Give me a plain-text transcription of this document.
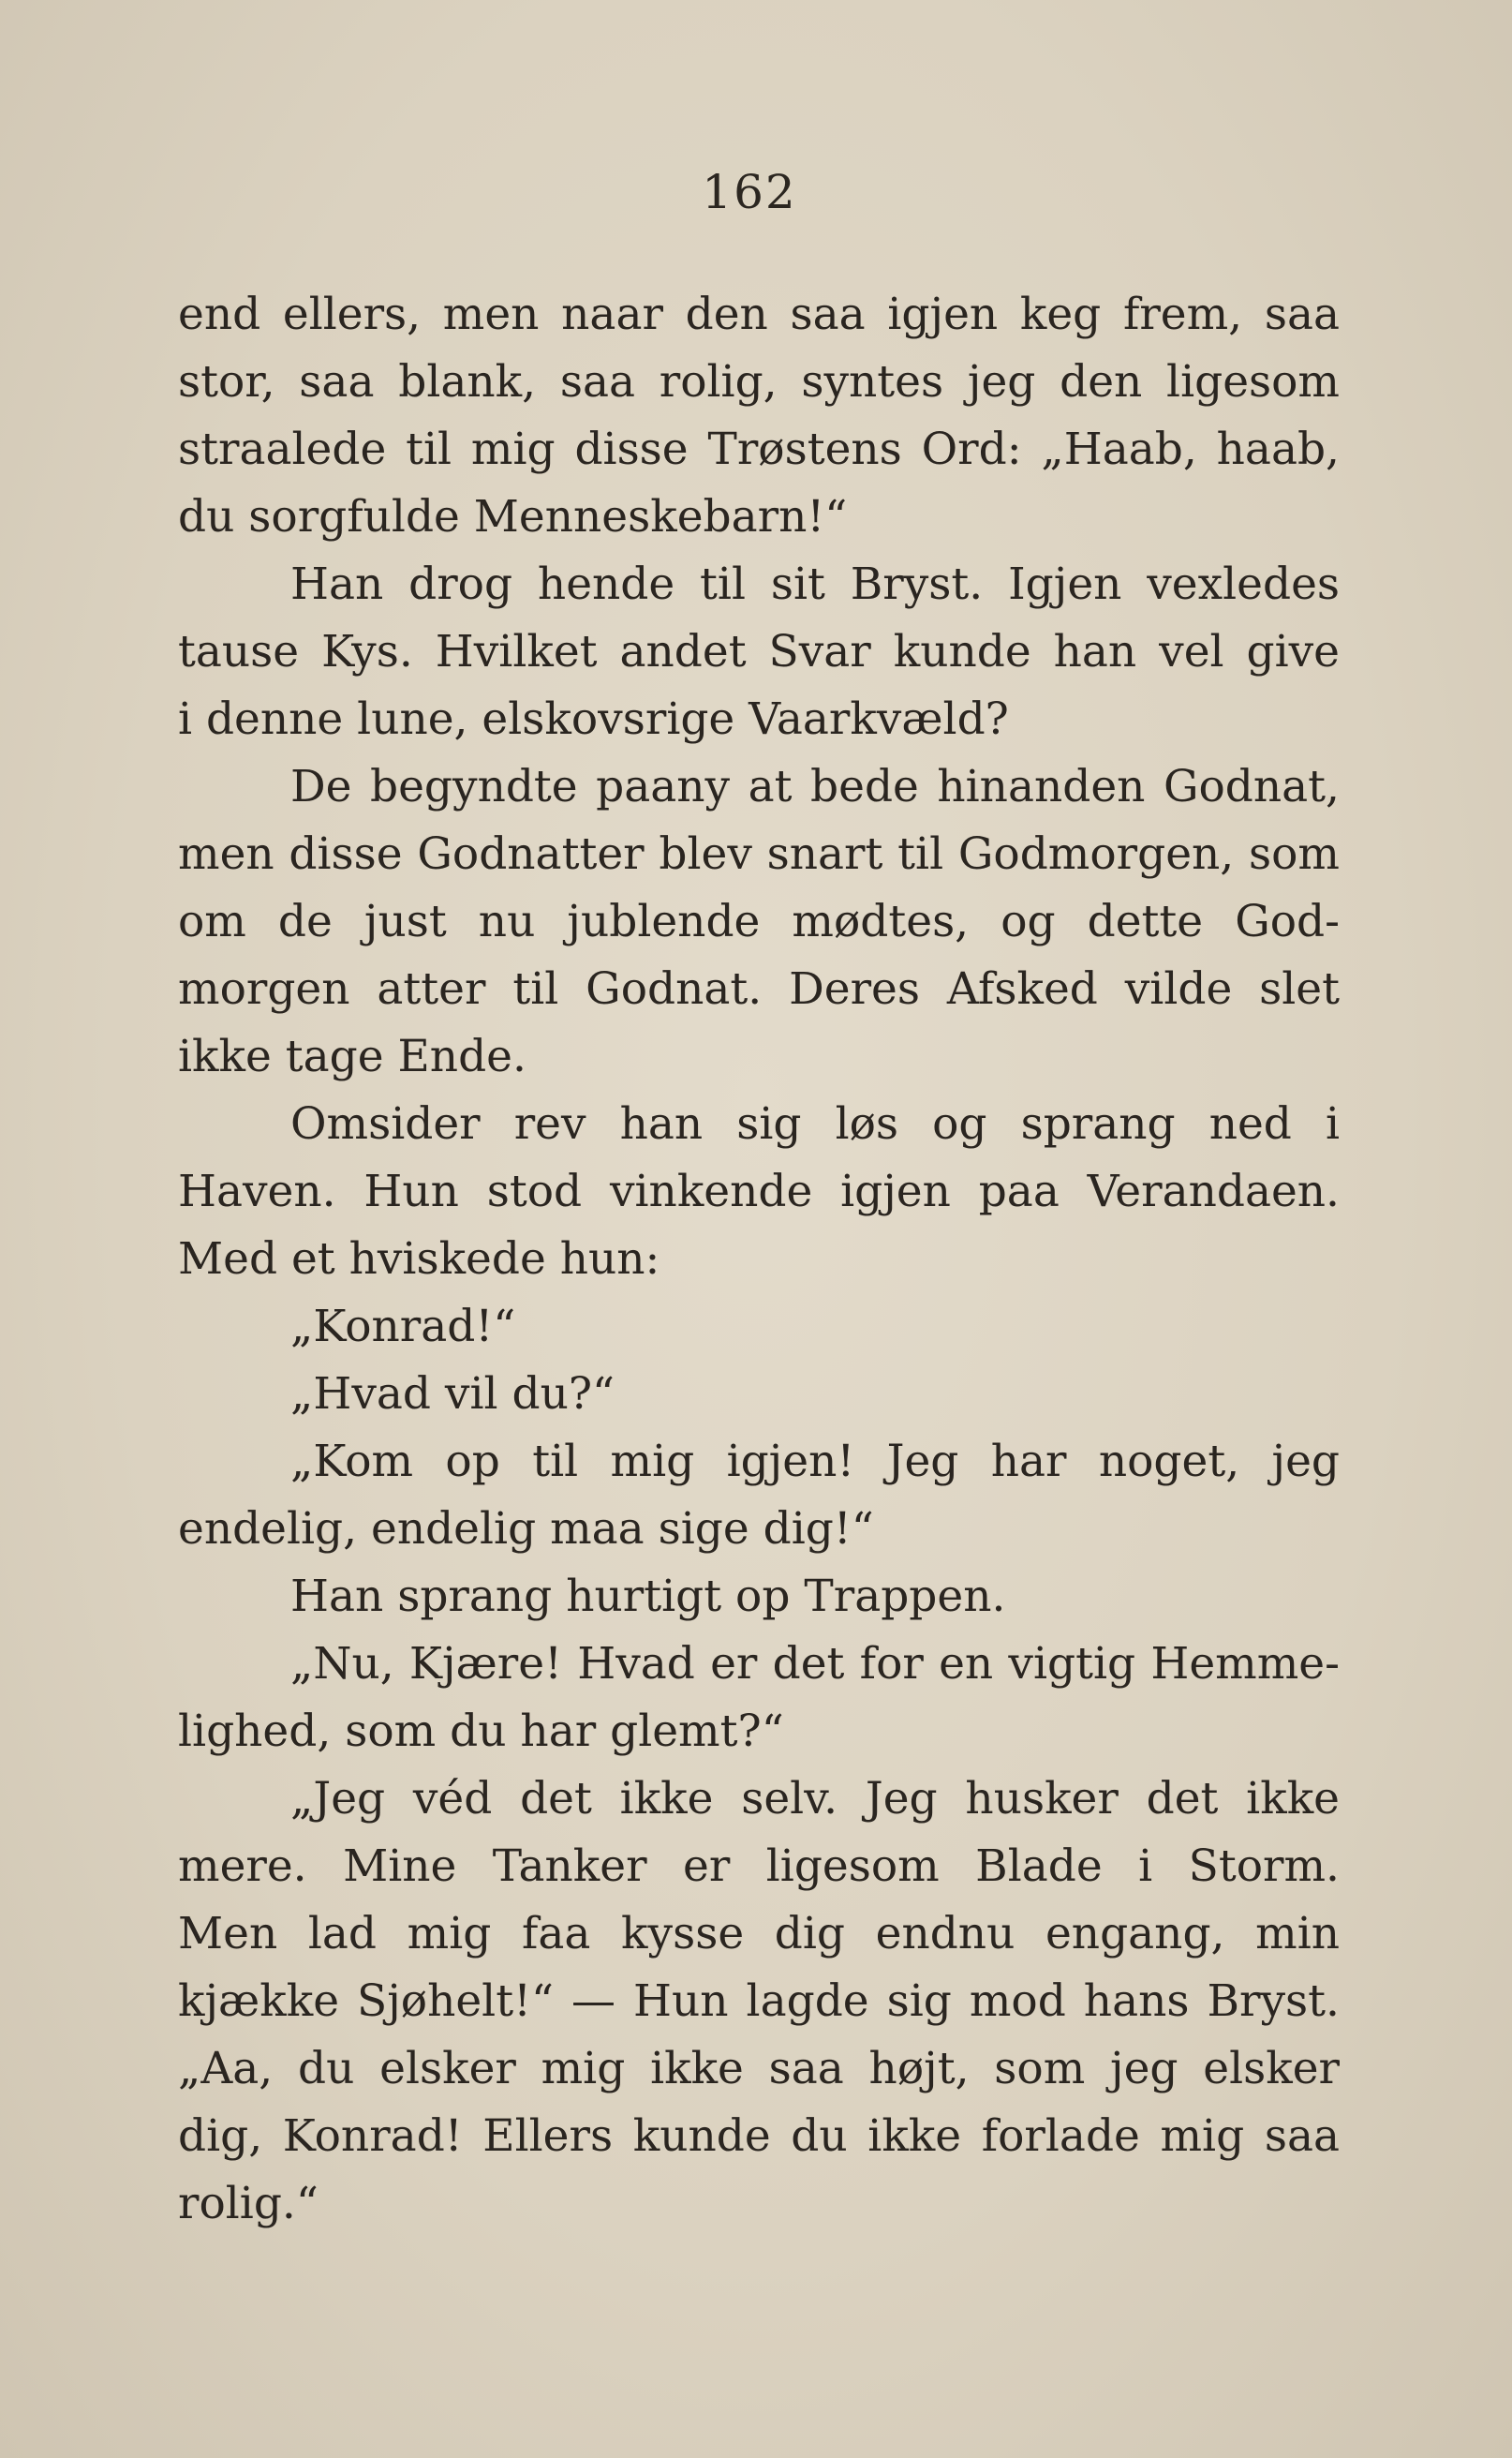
162
end ellers, men naar den saa igjen keg frem, saa
stor, saa blank, saa rolig, syntes jeg den ligesom
straalede til mig disse Trøstens Ord: „Haab, haab,
du sorgfulde Menneskebarn!“
Han drog hende til sit Bryst. Igjen vexledes
tause Kys. Hvilket andet Svar kunde han vel give
i denne lune, elskovsrige Vaarkvæld?
De begyndte paany at bede hinanden Godnat,
men disse Godnatter blev snart til Godmorgen, som
om de just nu jublende mødtes, og dette God-
morgen atter til Godnat. Deres Afsked vilde slet
ikke tage Ende.
Omsider rev han sig løs og sprang ned i
Haven. Hun stod vinkende igjen paa Verandaen.
Med et hviskede hun:
„Konrad!“
„Hvad vil du?“
„Kom op til mig igjen! Jeg har noget, jeg
endelig, endelig maa sige dig!“
Han sprang hurtigt op Trappen.
„Nu, Kjære! Hvad er det for en vigtig Hemme-
lighed, som du har glemt?“
„Jeg véd det ikke selv. Jeg husker det ikke
mere. Mine Tanker er ligesom Blade i Storm.
Men lad mig faa kysse dig endnu engang, min
kjække Sjøhelt!“ — Hun lagde sig mod hans Bryst.
„Aa, du elsker mig ikke saa højt, som jeg elsker
dig, Konrad! Ellers kunde du ikke forlade mig saa
rolig.“
